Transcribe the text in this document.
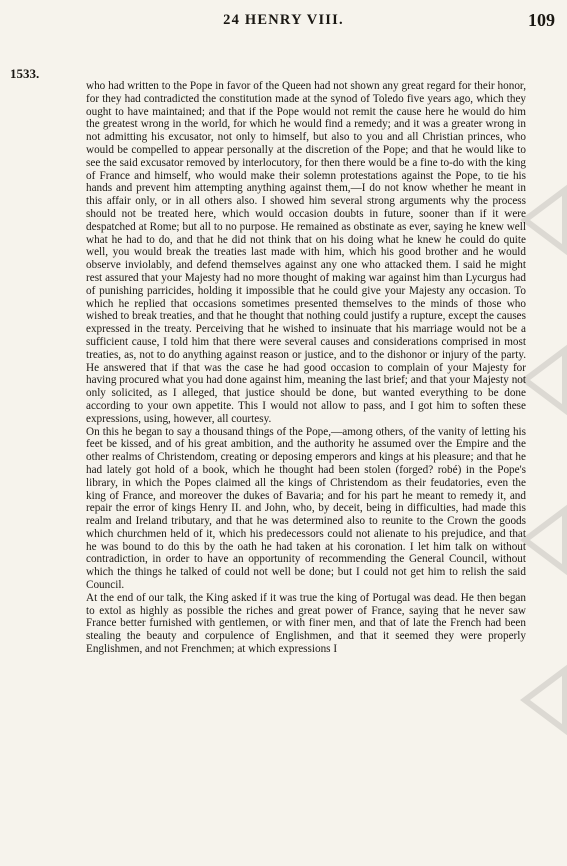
24 HENRY VIII.	109
1533.

who had written to the Pope in favor of the Queen had not shown any great regard for their honor, for they had contradicted the constitution made at the synod of Toledo five years ago, which they ought to have maintained; and that if the Pope would not remit the cause here he would do him the greatest wrong in the world, for which he would find a remedy; and it was a greater wrong in not admitting his excusator, not only to himself, but also to you and all Christian princes, who would be compelled to appear personally at the discretion of the Pope; and that he would like to see the said excusator removed by interlocutory, for then there would be a fine to-do with the king of France and himself, who would make their solemn protestations against the Pope, to tie his hands and prevent him attempting anything against them,—I do not know whether he meant in this affair only, or in all others also. I showed him several strong arguments why the process should not be treated here, which would occasion doubts in future, sooner than if it were despatched at Rome; but all to no purpose. He remained as obstinate as ever, saying he knew well what he had to do, and that he did not think that on his doing what he knew he could do quite well, you would break the treaties last made with him, which his good brother and he would observe inviolably, and defend themselves against any one who attacked them. I said he might rest assured that your Majesty had no more thought of making war against him than Lycurgus had of punishing parricides, holding it impossible that he could give your Majesty any occasion. To which he replied that occasions sometimes presented themselves to the minds of those who wished to break treaties, and that he thought that nothing could justify a rupture, except the causes expressed in the treaty. Perceiving that he wished to insinuate that his marriage would not be a sufficient cause, I told him that there were several causes and considerations comprised in most treaties, as, not to do anything against reason or justice, and to the dishonor or injury of the party. He answered that if that was the case he had good occasion to complain of your Majesty for having procured what you had done against him, meaning the last brief; and that your Majesty not only solicited, as I alleged, that justice should be done, but wanted everything to be done according to your own appetite. This I would not allow to pass, and I got him to soften these expressions, using, however, all courtesy.

On this he began to say a thousand things of the Pope,—among others, of the vanity of letting his feet be kissed, and of his great ambition, and the authority he assumed over the Empire and the other realms of Christendom, creating or deposing emperors and kings at his pleasure; and that he had lately got hold of a book, which he thought had been stolen (forged? robé) in the Pope's library, in which the Popes claimed all the kings of Christendom as their feudatories, even the king of France, and moreover the dukes of Bavaria; and for his part he meant to remedy it, and repair the error of kings Henry II. and John, who, by deceit, being in difficulties, had made this realm and Ireland tributary, and that he was determined also to reunite to the Crown the goods which churchmen held of it, which his predecessors could not alienate to his prejudice, and that he was bound to do this by the oath he had taken at his coronation. I let him talk on without contradiction, in order to have an opportunity of recommending the General Council, without which the things he talked of could not well be done; but I could not get him to relish the said Council.

At the end of our talk, the King asked if it was true the king of Portugal was dead. He then began to extol as highly as possible the riches and great power of France, saying that he never saw France better furnished with gentlemen, or with finer men, and that of late the French had been stealing the beauty and corpulence of Englishmen, and that it seemed they were properly Englishmen, and not Frenchmen; at which expressions I
